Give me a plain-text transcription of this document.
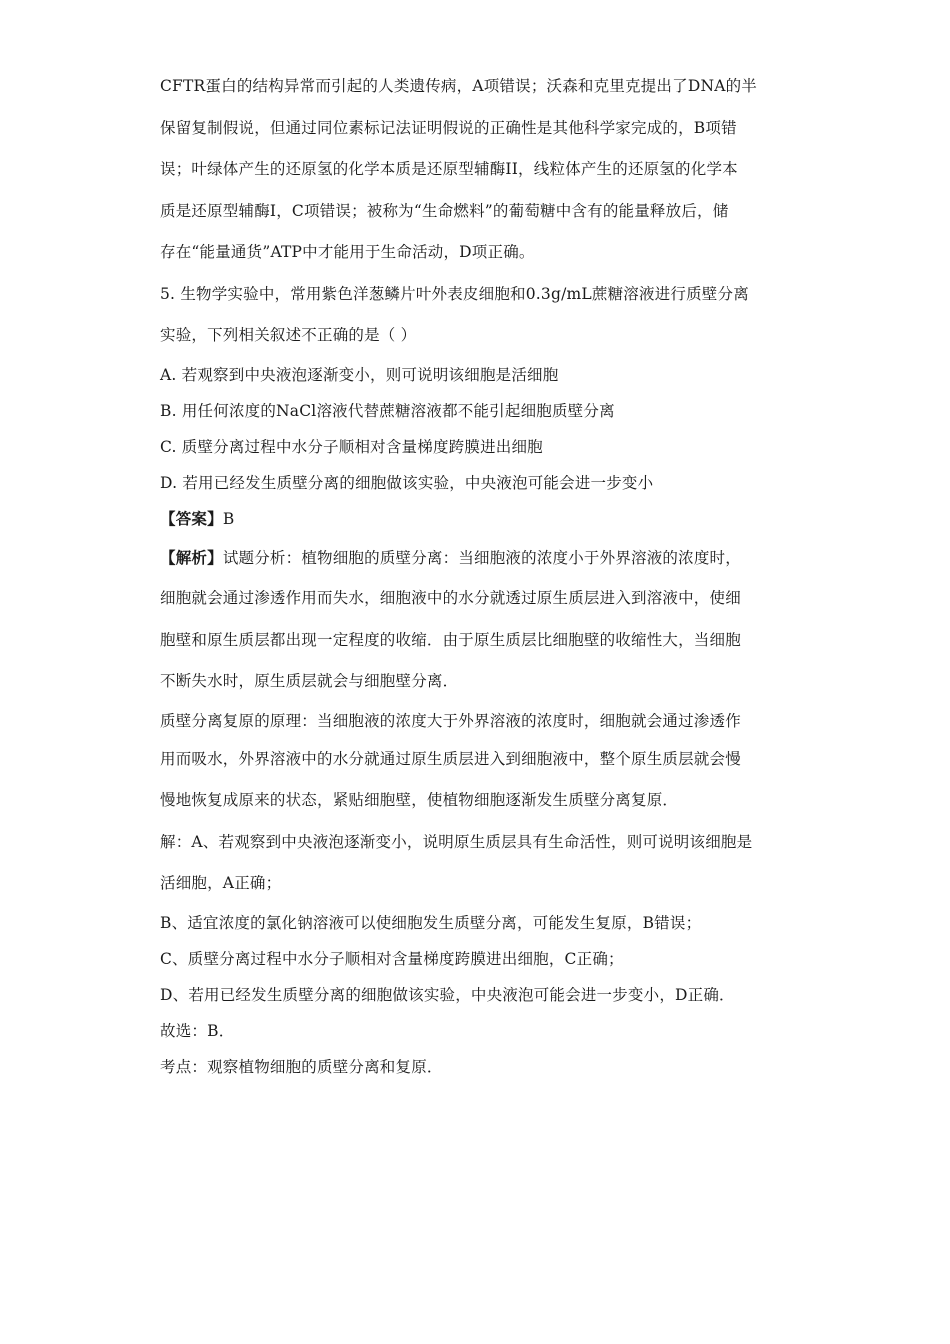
CFTR蛋白的结构异常而引起的人类遗传病，A项错误；沃森和克里克提出了DNA的半
保留复制假说，但通过同位素标记法证明假说的正确性是其他科学家完成的，B项错
误；叶绿体产生的还原氢的化学本质是还原型辅酶II，线粒体产生的还原氢的化学本
质是还原型辅酶I，C项错误；被称为“生命燃料”的葡萄糖中含有的能量释放后，储
存在“能量通货”ATP中才能用于生命活动，D项正确。
5. 生物学实验中，常用紫色洋葱鳞片叶外表皮细胞和0.3g/mL蔗糖溶液进行质壁分离
实验，下列相关叙述不正确的是（ ）
A. 若观察到中央液泡逐渐变小，则可说明该细胞是活细胞
B. 用任何浓度的NaCl溶液代替蔗糖溶液都不能引起细胞质壁分离
C. 质壁分离过程中水分子顺相对含量梯度跨膜进出细胞
D. 若用已经发生质壁分离的细胞做该实验，中央液泡可能会进一步变小
【答案】B
【解析】试题分析：植物细胞的质壁分离：当细胞液的浓度小于外界溶液的浓度时，
细胞就会通过渗透作用而失水，细胞液中的水分就透过原生质层进入到溶液中，使细
胞壁和原生质层都出现一定程度的收缩．由于原生质层比细胞壁的收缩性大，当细胞
不断失水时，原生质层就会与细胞壁分离．
质壁分离复原的原理：当细胞液的浓度大于外界溶液的浓度时，细胞就会通过渗透作
用而吸水，外界溶液中的水分就通过原生质层进入到细胞液中，整个原生质层就会慢
慢地恢复成原来的状态，紧贴细胞壁，使植物细胞逐渐发生质壁分离复原．
解：A、若观察到中央液泡逐渐变小，说明原生质层具有生命活性，则可说明该细胞是
活细胞，A正确；
B、适宜浓度的氯化钠溶液可以使细胞发生质壁分离，可能发生复原，B错误；
C、质壁分离过程中水分子顺相对含量梯度跨膜进出细胞，C正确；
D、若用已经发生质壁分离的细胞做该实验，中央液泡可能会进一步变小，D正确．
故选：B．
考点：观察植物细胞的质壁分离和复原．
